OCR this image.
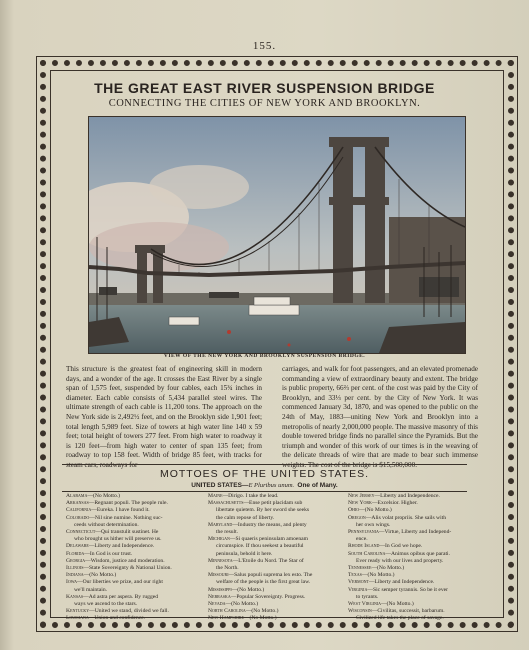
155.
THE GREAT EAST RIVER SUSPENSION BRIDGE
CONNECTING THE CITIES OF NEW YORK AND BROOKLYN.
VIEW OF THE NEW YORK AND BROOKLYN SUSPENSION BRIDGE.
This structure is the greatest feat of engineering skill in modern days, and a wonder of the age. It crosses the East River by a single span of 1,575 feet, suspended by four cables, each 15¾ inches in diameter. Each cable consists of 5,434 parallel steel wires. The ultimate strength of each cable is 11,200 tons. The approach on the New York side is 2,492½ feet, and on the Brooklyn side 1,901 feet; total length 5,989 feet. Size of towers at high water line 140 x 59 feet; total height of towers 277 feet. From high water to roadway it is 120 feet—from high water to center of span 135 feet; from roadway to top 158 feet. Width of bridge 85 feet, with tracks for
carriages, and walk for foot passengers, and an elevated promenade commanding a view of extraordinary beauty and extent. The bridge is public property, 66⅔ per cent. of the cost was paid by the City of Brooklyn, and 33⅓ per cent. by the City of New York. It was commenced January 3d, 1870, and was opened to the public on the 24th of May, 1883—uniting New York and Brooklyn into a metropolis of nearly 2,000,000 people. The massive masonry of this double towered bridge finds no parallel since the Pyramids. But the triumph and wonder of this work of our times is in the weaving of the delicate threads of wire that are made to bear such immense
MOTTOES OF THE UNITED STATES.
UNITED STATES—E Pluribus unum. One of Many.
Alabama—(No Motto.)
Arkansas—Regnant populi. The people rule.
California—Eureka. I have found it.
Colorado—Nil sine numine. Nothing suc-
ceeds without determination.
Connecticut—Qui transtulit sustinet. He
who brought us hither will preserve us.
Delaware—Liberty and Independence.
Florida—In God is our trust.
Georgia—Wisdom, justice and moderation.
Illinois—State Sovereignty & National Union.
Indiana—(No Motto.)
Iowa—Our liberties we prize, and our right
we'll maintain.
Kansas—Ad astra per aspera. By rugged
ways we ascend to the stars.
Kentucky—United we stand, divided we fall.
Louisiana—Union and confidence.
Maine—Dirigo. I take the lead.
Massachusetts—Ense petit placidam sub
libertate quietem. By her sword she seeks
the calm repose of liberty.
Maryland—Industry the means, and plenty
the result.
Michigan—Si quaeris peninsulam amoenam
circumspice. If thou seekest a beautiful
peninsula, behold it here.
Minnesota—L'Etoile du Nord. The Star of
the North.
Missouri—Salus populi suprema lex esto. The
welfare of the people is the first great law.
Mississippi—(No Motto.)
Nebraska—Popular Sovereignty. Progress.
Nevada—(No Motto.)
North Carolina—(No Motto.)
New Hampshire—(No Motto.)
New Jersey—Liberty and Independence.
New York—Excelsior. Higher.
Ohio—(No Motto.)
Oregon—Alis volat propriis. She sails with
her own wings.
Pennsylvania—Virtue, Liberty and Independ-
ence.
Rhode Island—In God we hope.
South Carolina—Animus opibus que parati.
Ever ready with our lives and property.
Tennessee—(No Motto.)
Texas—(No Motto.)
Vermont—Liberty and Independence.
Virginia—Sic semper tyrannis. So be it ever
to tyrants.
West Virginia—(No Motto.)
Wisconsin—Civilitas, successit, barbarum.
Civilized life takes the place of savage.
